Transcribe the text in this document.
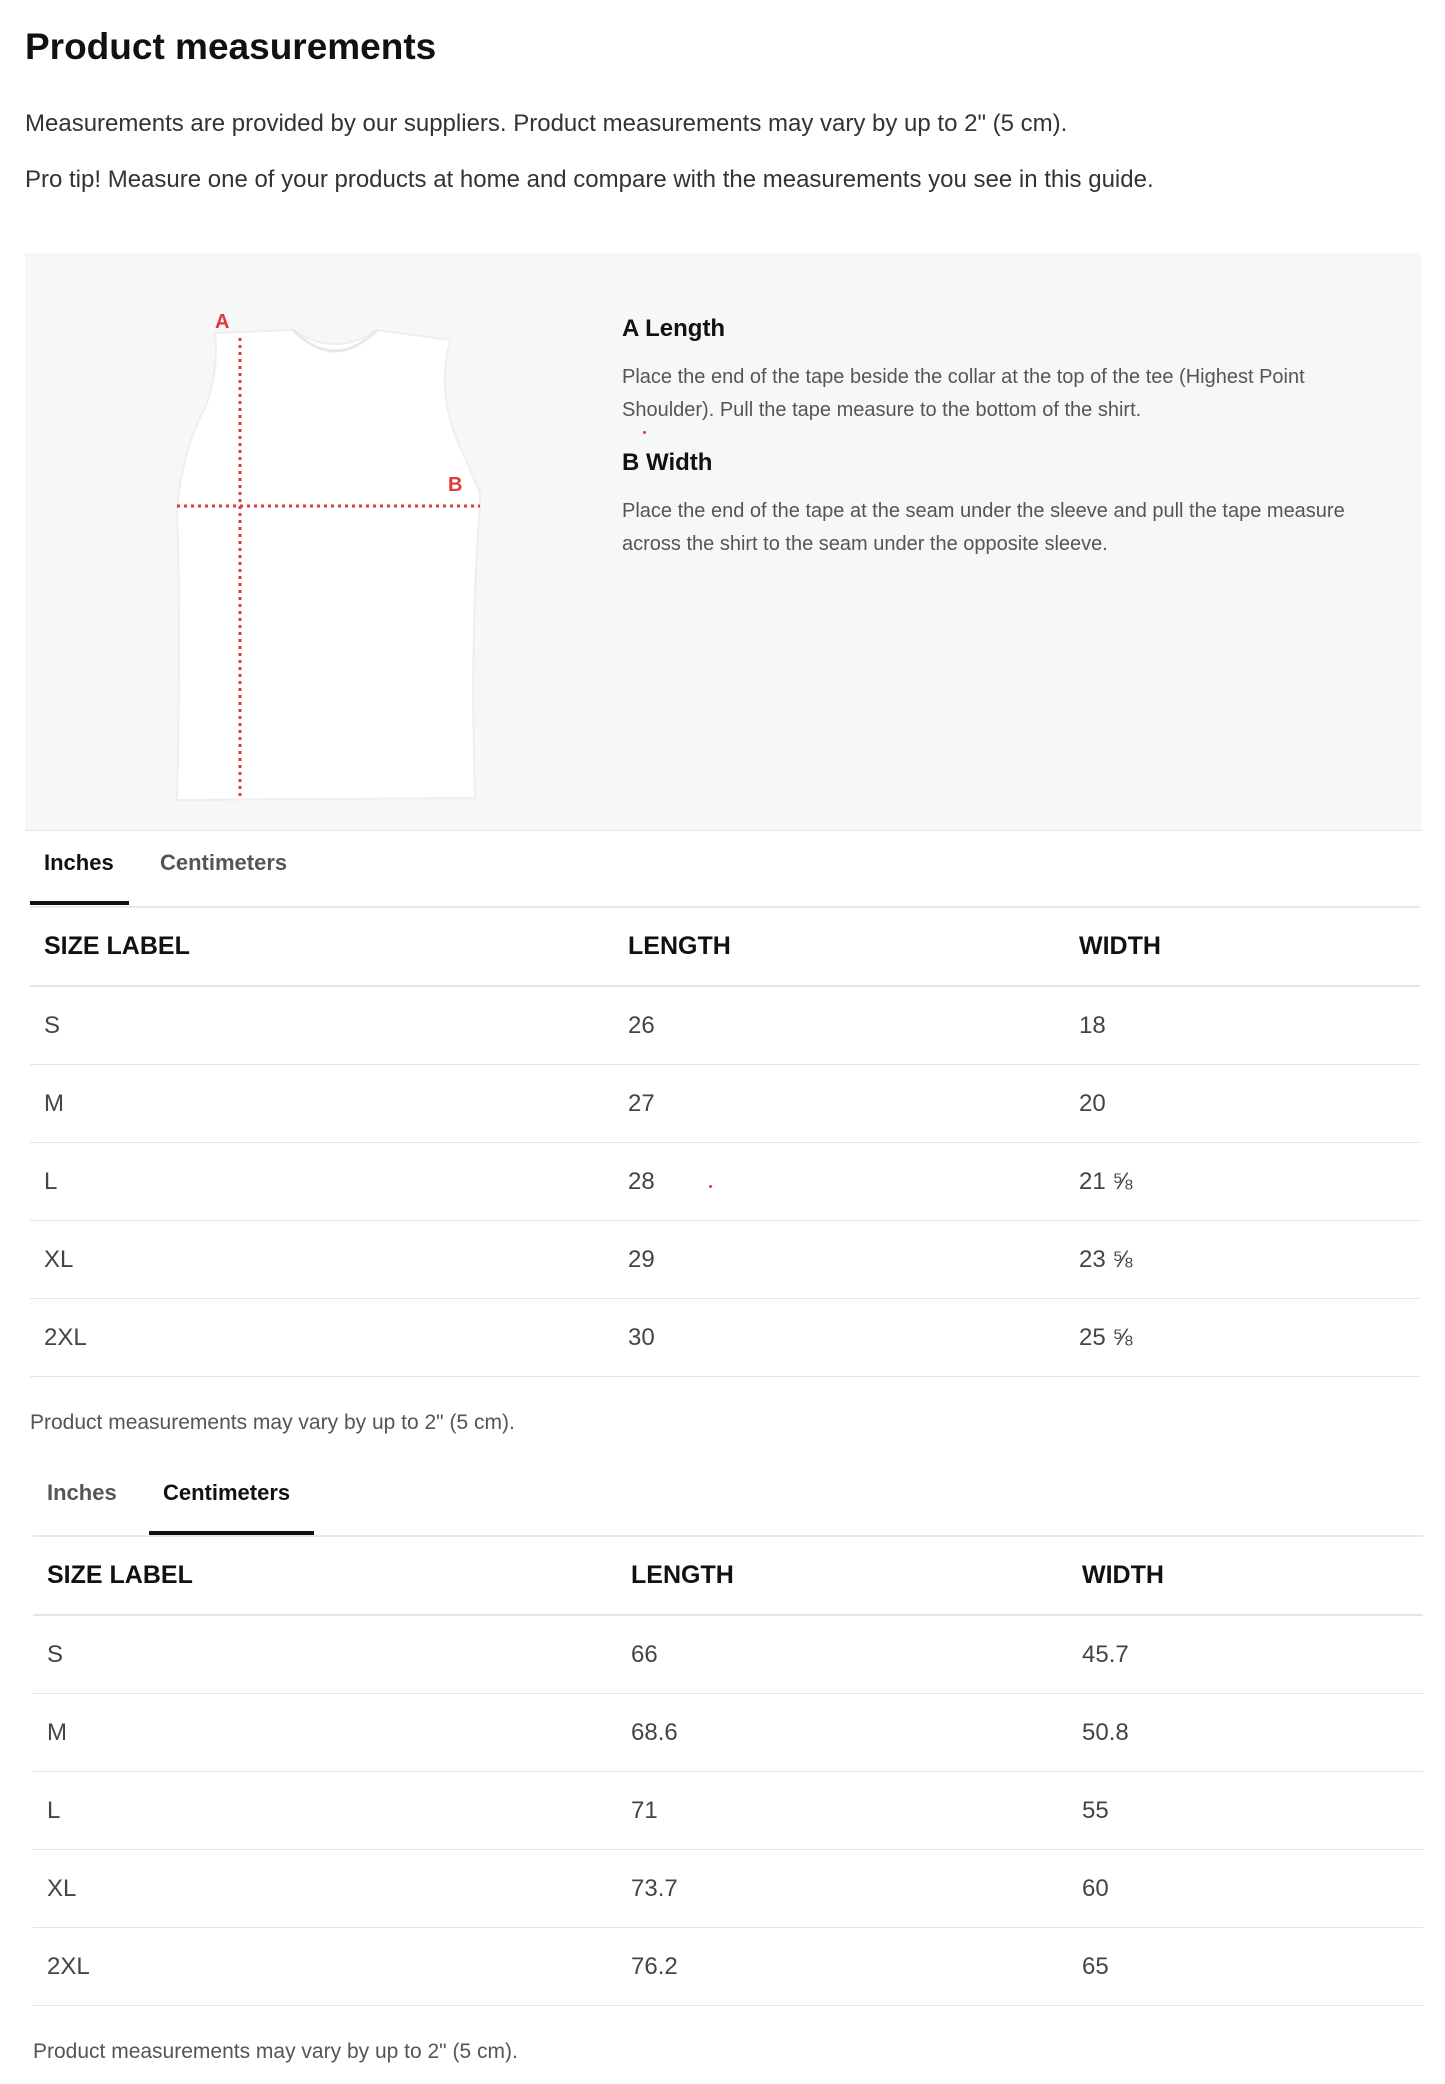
Product measurements
Measurements are provided by our suppliers. Product measurements may vary by up to 2" (5 cm).
Pro tip! Measure one of your products at home and compare with the measurements you see in this guide.
A
B
A Length

Place the end of the tape beside the collar at the top of the tee (Highest Point Shoulder). Pull the tape measure to the bottom of the shirt.

B Width

Place the end of the tape at the seam under the sleeve and pull the tape measure across the shirt to the seam under the opposite sleeve.

Inches Centimeters
SIZE LABEL	LENGTH	WIDTH
S	26	18
M	27	20
L	28	21 ⅝
XL	29	23 ⅝
2XL	30	25 ⅝
Product measurements may vary by up to 2" (5 cm).
Inches Centimeters
SIZE LABEL	LENGTH	WIDTH
S	66	45.7
M	68.6	50.8
L	71	55
XL	73.7	60
2XL	76.2	65
Product measurements may vary by up to 2" (5 cm).
